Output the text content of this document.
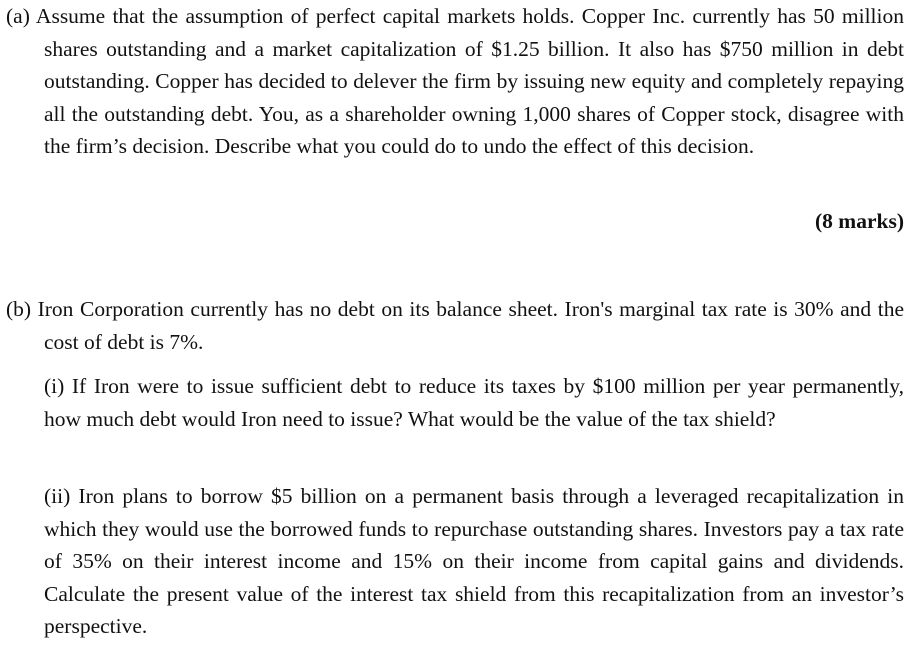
(a) Assume that the assumption of perfect capital markets holds. Copper Inc. currently has 50 million shares outstanding and a market capitalization of $1.25 billion. It also has $750 million in debt outstanding. Copper has decided to delever the firm by issuing new equity and completely repaying all the outstanding debt. You, as a shareholder owning 1,000 shares of Copper stock, disagree with the firm’s decision. Describe what you could do to undo the effect of this decision.

(8 marks)

(b) Iron Corporation currently has no debt on its balance sheet. Iron's marginal tax rate is 30% and the cost of debt is 7%.

(i) If Iron were to issue sufficient debt to reduce its taxes by $100 million per year permanently, how much debt would Iron need to issue? What would be the value of the tax shield?

(ii) Iron plans to borrow $5 billion on a permanent basis through a leveraged recapitalization in which they would use the borrowed funds to repurchase outstanding shares. Investors pay a tax rate of 35% on their interest income and 15% on their income from capital gains and dividends. Calculate the present value of the interest tax shield from this recapitalization from an investor’s perspective.
